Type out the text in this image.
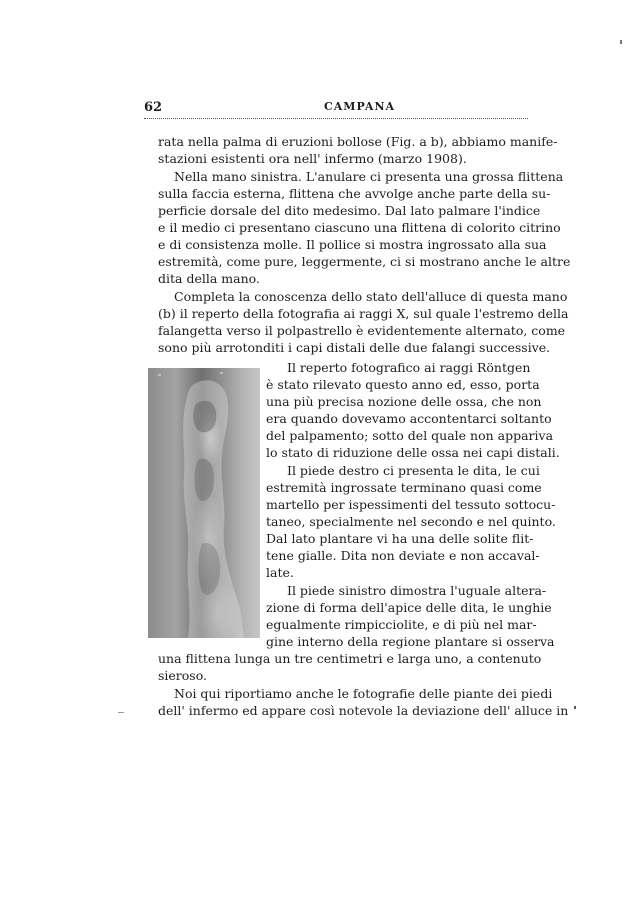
62	CAMPANA
rata nella palma di eruzioni bollose (Fig. a b), abbiamo manife-
stazioni esistenti ora nell' infermo (marzo 1908).
Nella mano sinistra. L'anulare ci presenta una grossa flittena
sulla faccia esterna, flittena che avvolge anche parte della su-
perficie dorsale del dito medesimo. Dal lato palmare l'indice
e il medio ci presentano ciascuno una flittena di colorito citrino
e di consistenza molle. Il pollice si mostra ingrossato alla sua
estremità, come pure, leggermente, ci si mostrano anche le altre
dita della mano.
Completa la conoscenza dello stato dell'alluce di questa mano
(b) il reperto della fotografia ai raggi X, sul quale l'estremo della
falangetta verso il polpastrello è evidentemente alternato, come
sono più arrotonditi i capi distali delle due falangi successive.
Il reperto fotografico ai raggi Röntgen
è stato rilevato questo anno ed, esso, porta
una più precisa nozione delle ossa, che non
era quando dovevamo accontentarci soltanto
del palpamento; sotto del quale non appariva
lo stato di riduzione delle ossa nei capi distali.
Il piede destro ci presenta le dita, le cui
estremità ingrossate terminano quasi come
martello per ispessimenti del tessuto sottocu-
taneo, specialmente nel secondo e nel quinto.
Dal lato plantare vi ha una delle solite flit-
tene gialle. Dita non deviate e non accaval-
late.
Il piede sinistro dimostra l'uguale altera-
zione di forma dell'apice delle dita, le unghie
egualmente rimpicciolite, e di più nel mar-
gine interno della regione plantare si osserva
una flittena lunga un tre centimetri e larga uno, a contenuto
sieroso.
Noi qui riportiamo anche le fotografie delle piante dei piedi
dell' infermo ed appare così notevole la deviazione dell' alluce in
